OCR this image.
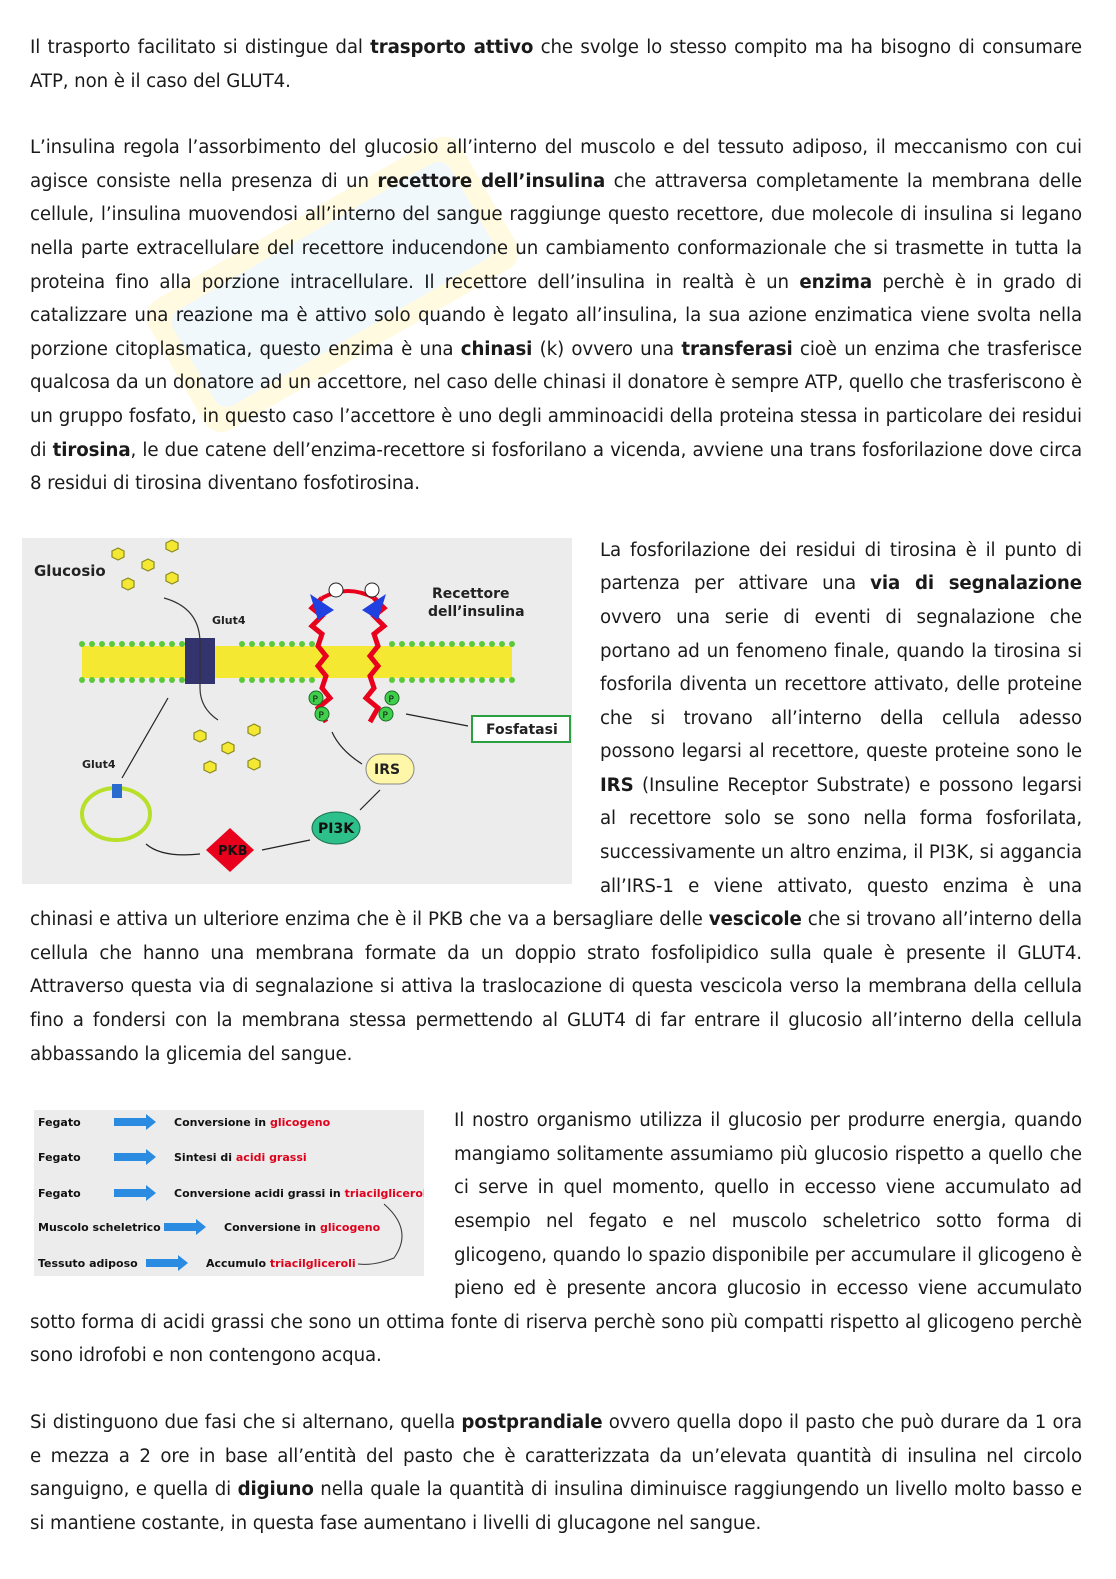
Il trasporto facilitato si distingue dal trasporto attivo che svolge lo stesso compito ma ha bisogno di consumare ATP, non è il caso del GLUT4.

L’insulina regola l’assorbimento del glucosio all’interno del muscolo e del tessuto adiposo, il meccanismo con cui agisce consiste nella presenza di un recettore dell’insulina che attraversa completamente la membrana delle cellule, l’insulina muovendosi all’interno del sangue raggiunge questo recettore, due molecole di insulina si legano nella parte extracellulare del recettore inducendone un cambiamento conformazionale che si trasmette in tutta la proteina fino alla porzione intracellulare. Il recettore dell’insulina in realtà è un enzima perchè è in grado di catalizzare una reazione ma è attivo solo quando è legato all’insulina, la sua azione enzimatica viene svolta nella porzione citoplasmatica, questo enzima è una chinasi (k) ovvero una transferasi cioè un enzima che trasferisce qualcosa da un donatore ad un accettore, nel caso delle chinasi il donatore è sempre ATP, quello che trasferiscono è un gruppo fosfato, in questo caso l’accettore è uno degli amminoacidi della proteina stessa in particolare dei residui di tirosina, le due catene dell’enzima-recettore si fosforilano a vicenda, avviene una trans fosforilazione dove circa 8 residui di tirosina diventano fosfotirosina.

Glucosio
Glut4
P
P
P
P
Recettore
dell’insulina
Fosfatasi
IRS
PI3K
PKB
Glut4

La fosforilazione dei residui di tirosina è il punto di partenza per attivare una via di segnalazione ovvero una serie di eventi di segnalazione che portano ad un fenomeno finale, quando la tirosina si fosforila diventa un recettore attivato, delle proteine che si trovano all’interno della cellula adesso possono legarsi al recettore, queste proteine sono le IRS (Insuline Receptor Substrate) e possono legarsi al recettore solo se sono nella forma fosforilata, successivamente un altro enzima, il PI3K, si aggancia all’IRS-1 e viene attivato, questo enzima è una chinasi e attiva un ulteriore enzima che è il PKB che va a bersagliare delle vescicole che si trovano all’interno della cellula che hanno una membrana formate da un doppio strato fosfolipidico sulla quale è presente il GLUT4. Attraverso questa via di segnalazione si attiva la traslocazione di questa vescicola verso la membrana della cellula fino a fondersi con la membrana stessa permettendo al GLUT4 di far entrare il glucosio all’interno della cellula abbassando la glicemia del sangue.

Fegato
Fegato
Fegato
Muscolo scheletrico
Tessuto adiposo
Conversione in glicogeno
Sintesi di acidi grassi
Conversione acidi grassi in triacilgliceroli
Conversione in glicogeno
Accumulo triacilgliceroli

Il nostro organismo utilizza il glucosio per produrre energia, quando mangiamo solitamente assumiamo più glucosio rispetto a quello che ci serve in quel momento, quello in eccesso viene accumulato ad esempio nel fegato e nel muscolo scheletrico sotto forma di glicogeno, quando lo spazio disponibile per accumulare il glicogeno è pieno ed è presente ancora glucosio in eccesso viene accumulato sotto forma di acidi grassi che sono un ottima fonte di riserva perchè sono più compatti rispetto al glicogeno perchè sono idrofobi e non contengono acqua.

Si distinguono due fasi che si alternano, quella postprandiale ovvero quella dopo il pasto che può durare da 1 ora e mezza a 2 ore in base all’entità del pasto che è caratterizzata da un’elevata quantità di insulina nel circolo sanguigno, e quella di digiuno nella quale la quantità di insulina diminuisce raggiungendo un livello molto basso e si mantiene costante, in questa fase aumentano i livelli di glucagone nel sangue.
